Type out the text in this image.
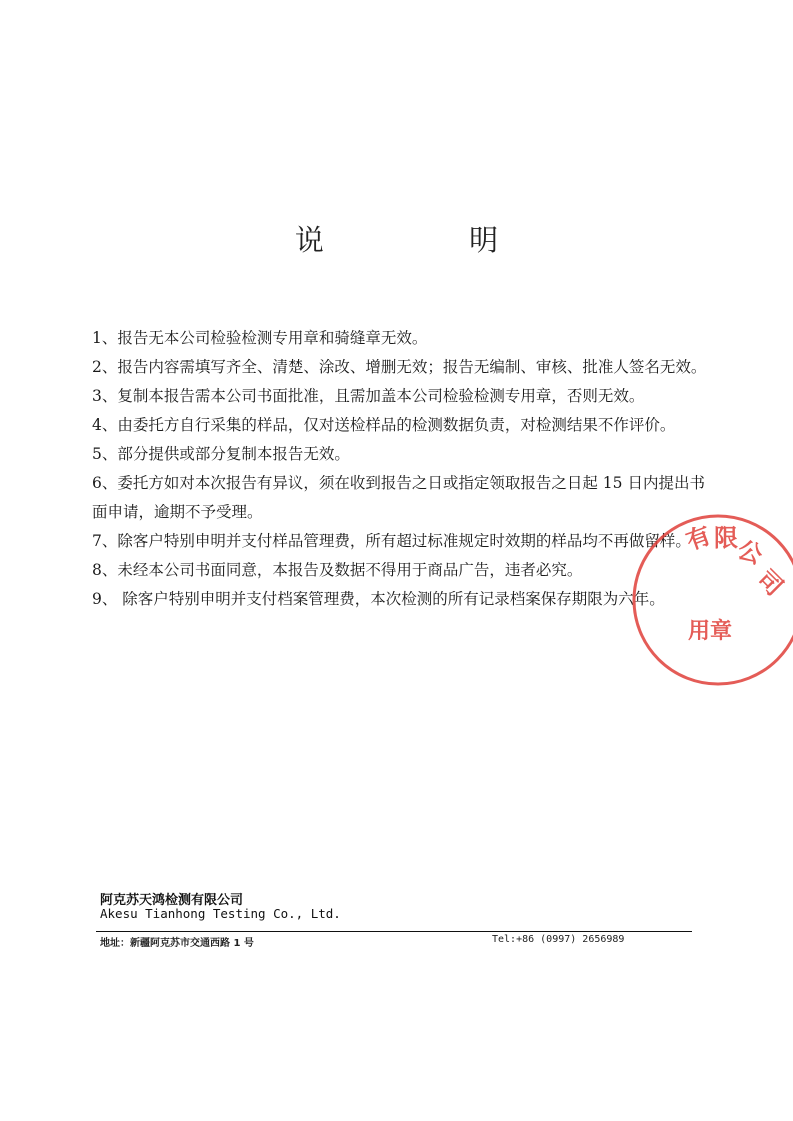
说 明
1、报告无本公司检验检测专用章和骑缝章无效。
2、报告内容需填写齐全、清楚、涂改、增删无效；报告无编制、审核、批准人签名无效。
3、复制本报告需本公司书面批准，且需加盖本公司检验检测专用章，否则无效。
4、由委托方自行采集的样品，仅对送检样品的检测数据负责，对检测结果不作评价。
5、部分提供或部分复制本报告无效。
6、委托方如对本次报告有异议，须在收到报告之日或指定领取报告之日起 15 日内提出书面申请，逾期不予受理。
7、除客户特别申明并支付样品管理费，所有超过标准规定时效期的样品均不再做留样。
8、未经本公司书面同意，本报告及数据不得用于商品广告，违者必究。
9、 除客户特别申明并支付档案管理费，本次检测的所有记录档案保存期限为六年。
有 限
公
司
用 章
阿克苏天鸿检测有限公司
Akesu Tianhong Testing Co., Ltd.
地址：新疆阿克苏市交通西路 1 号	Tel:+86 (0997) 2656989
